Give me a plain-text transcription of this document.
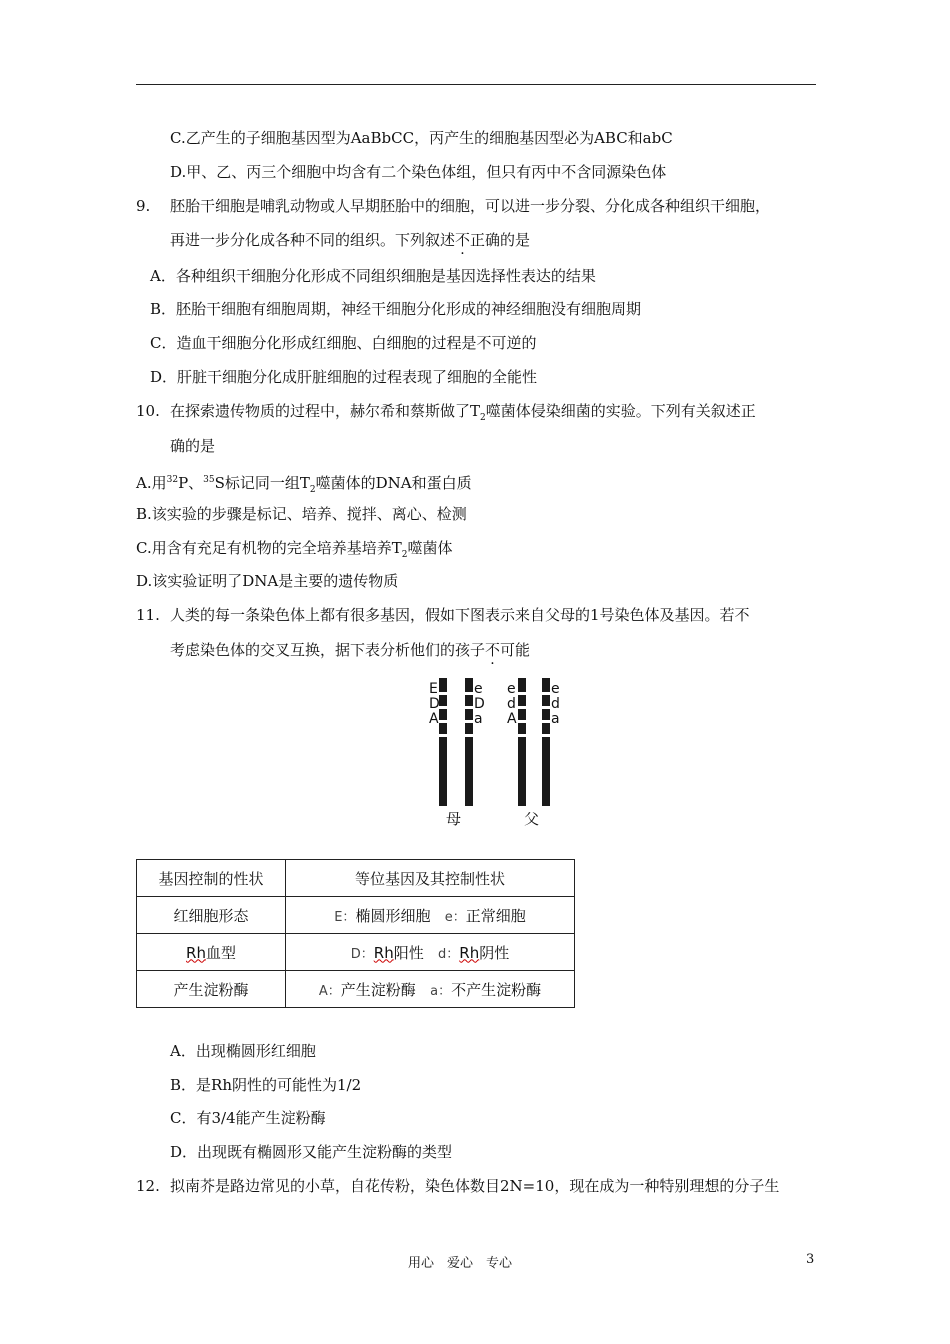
C.乙产生的子细胞基因型为AaBbCC，丙产生的细胞基因型必为ABC和abC
D.甲、乙、丙三个细胞中均含有二个染色体组，但只有丙中不含同源染色体
9. 胚胎干细胞是哺乳动物或人早期胚胎中的细胞，可以进一步分裂、分化成各种组织干细胞，
再进一步分化成各种不同的组织。下列叙述不正确的是
A．各种组织干细胞分化形成不同组织细胞是基因选择性表达的结果
B．胚胎干细胞有细胞周期，神经干细胞分化形成的神经细胞没有细胞周期
C．造血干细胞分化形成红细胞、白细胞的过程是不可逆的
D．肝脏干细胞分化成肝脏细胞的过程表现了细胞的全能性
10. 在探索遗传物质的过程中，赫尔希和蔡斯做了$T_2$噬菌体侵染细菌的实验。下列有关叙述正
确的是
A.用$^{32}$P、$^{35}$S标记同一组$T_2$噬菌体的DNA和蛋白质
B.该实验的步骤是标记、培养、搅拌、离心、检测
C.用含有充足有机物的完全培养基培养$T_2$噬菌体
D.该实验证明了DNA是主要的遗传物质
11. 人类的每一条染色体上都有很多基因，假如下图表示来自父母的1号染色体及基因。若不
考虑染色体的交叉互换，据下表分析他们的孩子不可能
E
D
A
e
D
a
e
d
A
e
d
a
母	父
基因控制的性状	等位基因及其控制性状
红细胞形态	E：椭圆形细胞 e：正常细胞
Rh血型	D：Rh阳性 d：Rh阴性
产生淀粉酶	A：产生淀粉酶 a：不产生淀粉酶
A．出现椭圆形红细胞
B．是Rh阴性的可能性为1/2
C．有3/4能产生淀粉酶
D．出现既有椭圆形又能产生淀粉酶的类型
12. 拟南芥是路边常见的小草，自花传粉，染色体数目2N=10，现在成为一种特别理想的分子生
用心　爱心　专心	3
